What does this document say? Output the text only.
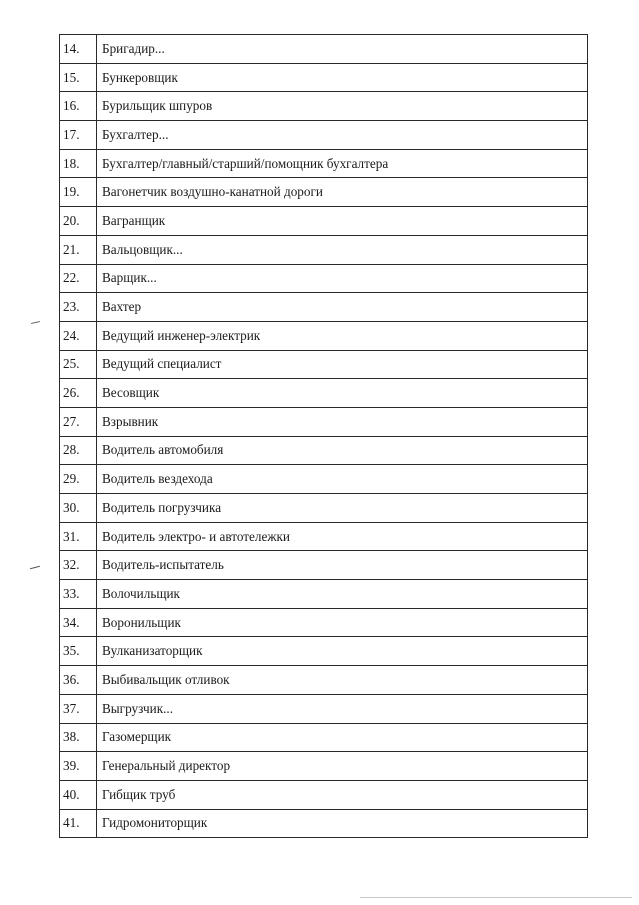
14.	Бригадир...
15.	Бункеровщик
16.	Бурильщик шпуров
17.	Бухгалтер...
18.	Бухгалтер/главный/старший/помощник бухгалтера
19.	Вагонетчик воздушно-канатной дороги
20.	Вагранщик
21.	Вальцовщик...
22.	Варщик...
23.	Вахтер
24.	Ведущий инженер-электрик
25.	Ведущий специалист
26.	Весовщик
27.	Взрывник
28.	Водитель автомобиля
29.	Водитель вездехода
30.	Водитель погрузчика
31.	Водитель электро- и автотележки
32.	Водитель-испытатель
33.	Волочильщик
34.	Воронильщик
35.	Вулканизаторщик
36.	Выбивальщик отливок
37.	Выгрузчик...
38.	Газомерщик
39.	Генеральный директор
40.	Гибщик труб
41.	Гидромониторщик
